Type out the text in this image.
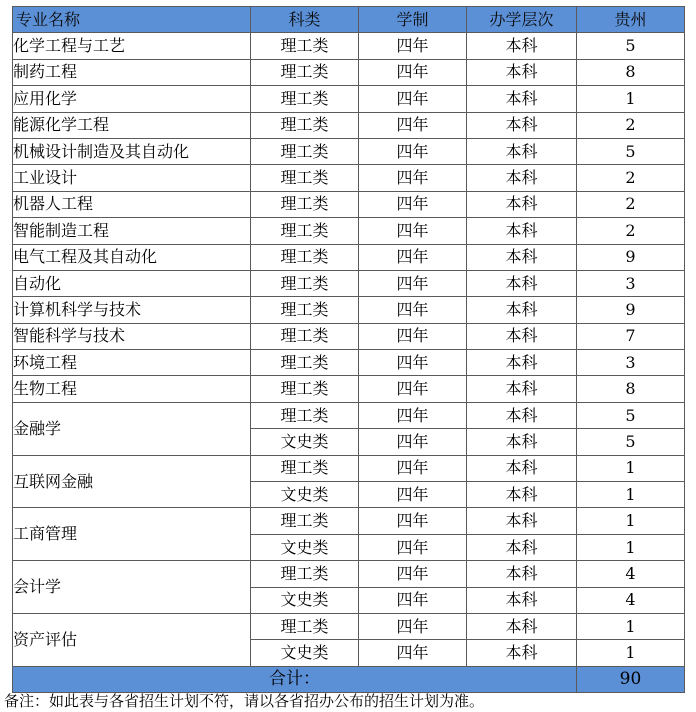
专业名称	科类	学制	办学层次	贵州
化学工程与工艺	理工类	四年	本科	5
制药工程	理工类	四年	本科	8
应用化学	理工类	四年	本科	1
能源化学工程	理工类	四年	本科	2
机械设计制造及其自动化	理工类	四年	本科	5
工业设计	理工类	四年	本科	2
机器人工程	理工类	四年	本科	2
智能制造工程	理工类	四年	本科	2
电气工程及其自动化	理工类	四年	本科	9
自动化	理工类	四年	本科	3
计算机科学与技术	理工类	四年	本科	9
智能科学与技术	理工类	四年	本科	7
环境工程	理工类	四年	本科	3
生物工程	理工类	四年	本科	8
金融学	理工类	四年	本科	5
	文史类	四年	本科	5
互联网金融	理工类	四年	本科	1
	文史类	四年	本科	1
工商管理	理工类	四年	本科	1
	文史类	四年	本科	1
会计学	理工类	四年	本科	4
	文史类	四年	本科	4
资产评估	理工类	四年	本科	1
	文史类	四年	本科	1
合计：				90
备注：如此表与各省招生计划不符，请以各省招办公布的招生计划为准。
